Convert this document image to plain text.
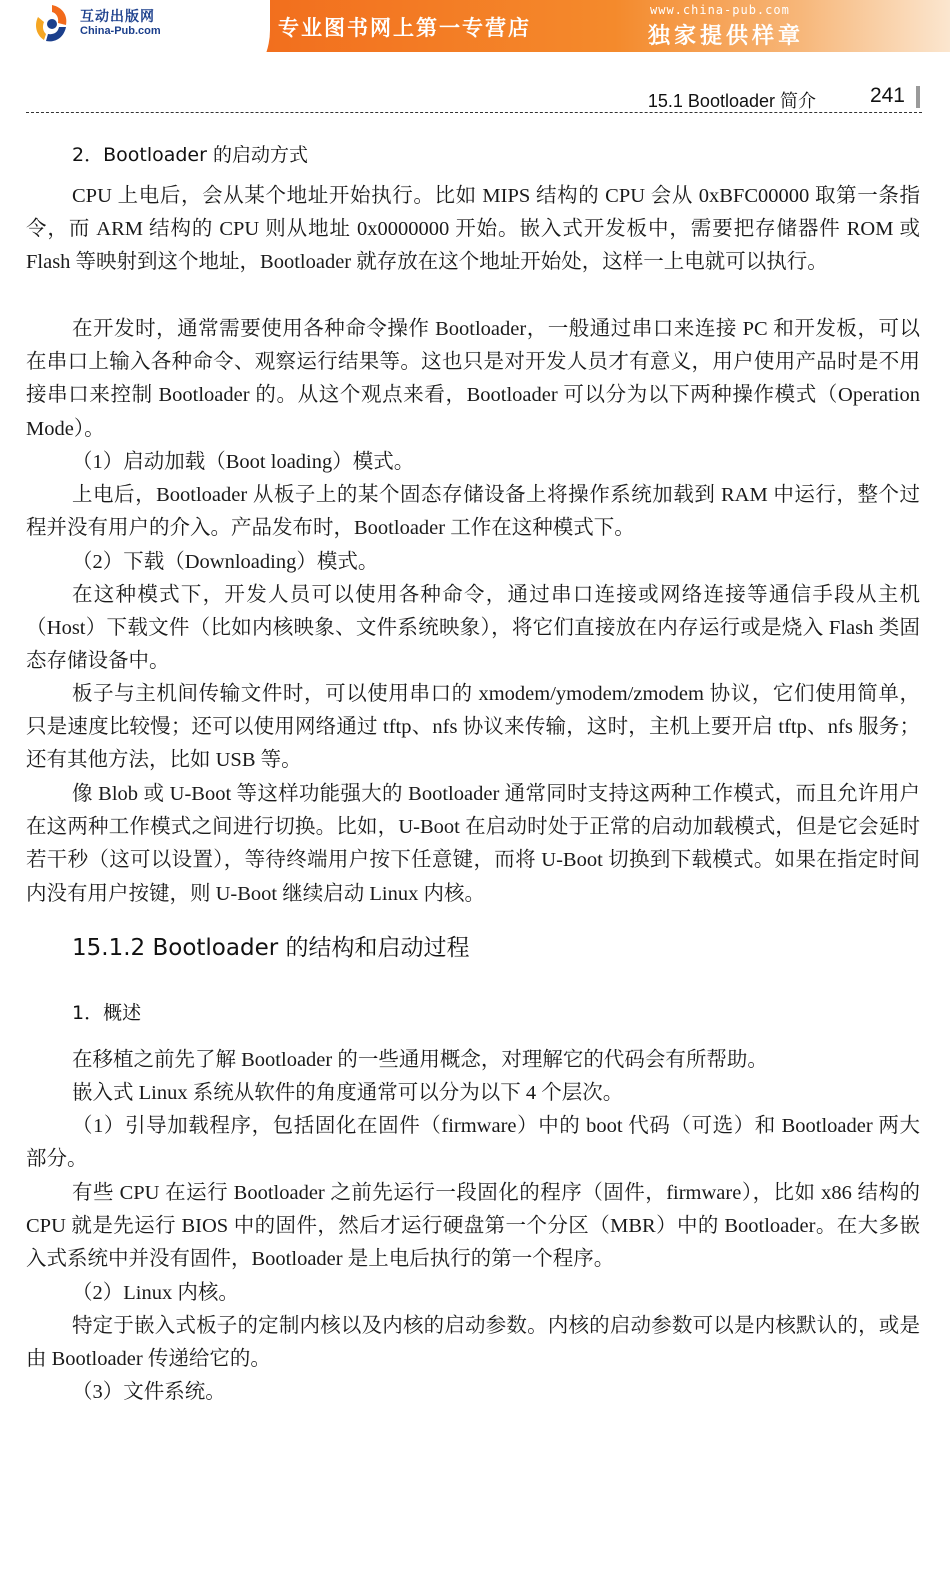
互动出版网
China-Pub.com	专业图书网上第一专营店
www.china-pub.com
独家提供样章
15.1 Bootloader 简介	241
2．Bootloader 的启动方式

CPU 上电后，会从某个地址开始执行。比如 MIPS 结构的 CPU 会从 0xBFC00000 取第一条指令，而 ARM 结构的 CPU 则从地址 0x0000000 开始。嵌入式开发板中，需要把存储器件 ROM 或 Flash 等映射到这个地址，Bootloader 就存放在这个地址开始处，这样一上电就可以执行。

在开发时，通常需要使用各种命令操作 Bootloader，一般通过串口来连接 PC 和开发板，可以在串口上输入各种命令、观察运行结果等。这也只是对开发人员才有意义，用户使用产品时是不用接串口来控制 Bootloader 的。从这个观点来看，Bootloader 可以分为以下两种操作模式（Operation Mode）。

（1）启动加载（Boot loading）模式。

上电后，Bootloader 从板子上的某个固态存储设备上将操作系统加载到 RAM 中运行，整个过程并没有用户的介入。产品发布时，Bootloader 工作在这种模式下。

（2）下载（Downloading）模式。

在这种模式下，开发人员可以使用各种命令，通过串口连接或网络连接等通信手段从主机（Host）下载文件（比如内核映象、文件系统映象），将它们直接放在内存运行或是烧入 Flash 类固态存储设备中。

板子与主机间传输文件时，可以使用串口的 xmodem/ymodem/zmodem 协议，它们使用简单，只是速度比较慢；还可以使用网络通过 tftp、nfs 协议来传输，这时，主机上要开启 tftp、nfs 服务；还有其他方法，比如 USB 等。

像 Blob 或 U-Boot 等这样功能强大的 Bootloader 通常同时支持这两种工作模式，而且允许用户在这两种工作模式之间进行切换。比如，U-Boot 在启动时处于正常的启动加载模式，但是它会延时若干秒（这可以设置），等待终端用户按下任意键，而将 U-Boot 切换到下载模式。如果在指定时间内没有用户按键，则 U-Boot 继续启动 Linux 内核。

15.1.2 Bootloader 的结构和启动过程
1．概述

在移植之前先了解 Bootloader 的一些通用概念，对理解它的代码会有所帮助。

嵌入式 Linux 系统从软件的角度通常可以分为以下 4 个层次。

（1）引导加载程序，包括固化在固件（firmware）中的 boot 代码（可选）和 Bootloader 两大部分。

有些 CPU 在运行 Bootloader 之前先运行一段固化的程序（固件，firmware），比如 x86 结构的 CPU 就是先运行 BIOS 中的固件，然后才运行硬盘第一个分区（MBR）中的 Bootloader。在大多嵌入式系统中并没有固件，Bootloader 是上电后执行的第一个程序。

（2）Linux 内核。

特定于嵌入式板子的定制内核以及内核的启动参数。内核的启动参数可以是内核默认的，或是由 Bootloader 传递给它的。

（3）文件系统。
